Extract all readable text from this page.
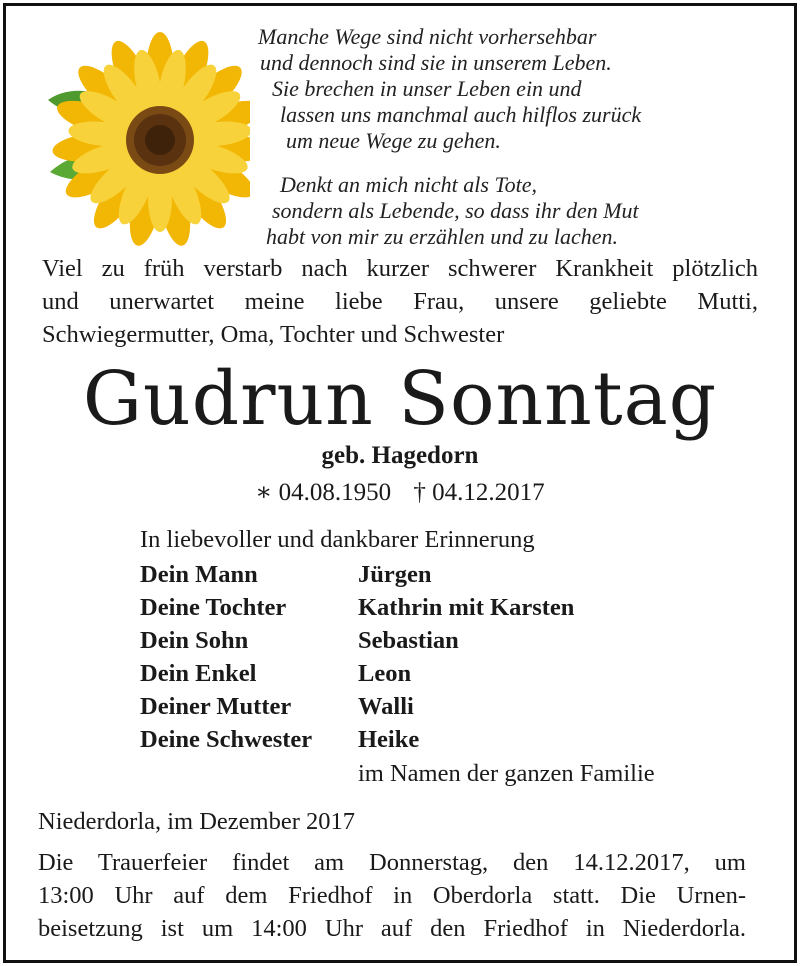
Manche Wege sind nicht vorhersehbar
und dennoch sind sie in unserem Leben.
Sie brechen in unser Leben ein und
lassen uns manchmal auch hilflos zurück
um neue Wege zu gehen.
Denkt an mich nicht als Tote,
sondern als Lebende, so dass ihr den Mut
habt von mir zu erzählen und zu lachen.
Viel zu früh verstarb nach kurzer schwerer Krankheit plötzlich
und unerwartet meine liebe Frau, unsere geliebte Mutti,
Schwiegermutter, Oma, Tochter und Schwester
Gudrun Sonntag
geb. Hagedorn
∗ 04.08.1950 † 04.12.2017
In liebevoller und dankbarer Erinnerung
Dein Mann	Jürgen
Deine Tochter	Kathrin mit Karsten
Dein Sohn	Sebastian
Dein Enkel	Leon
Deiner Mutter	Walli
Deine Schwester	Heike
im Namen der ganzen Familie
Niederdorla, im Dezember 2017
Die Trauerfeier findet am Donnerstag, den 14.12.2017, um
13:00 Uhr auf dem Friedhof in Oberdorla statt. Die Urnen-
beisetzung ist um 14:00 Uhr auf den Friedhof in Niederdorla.
